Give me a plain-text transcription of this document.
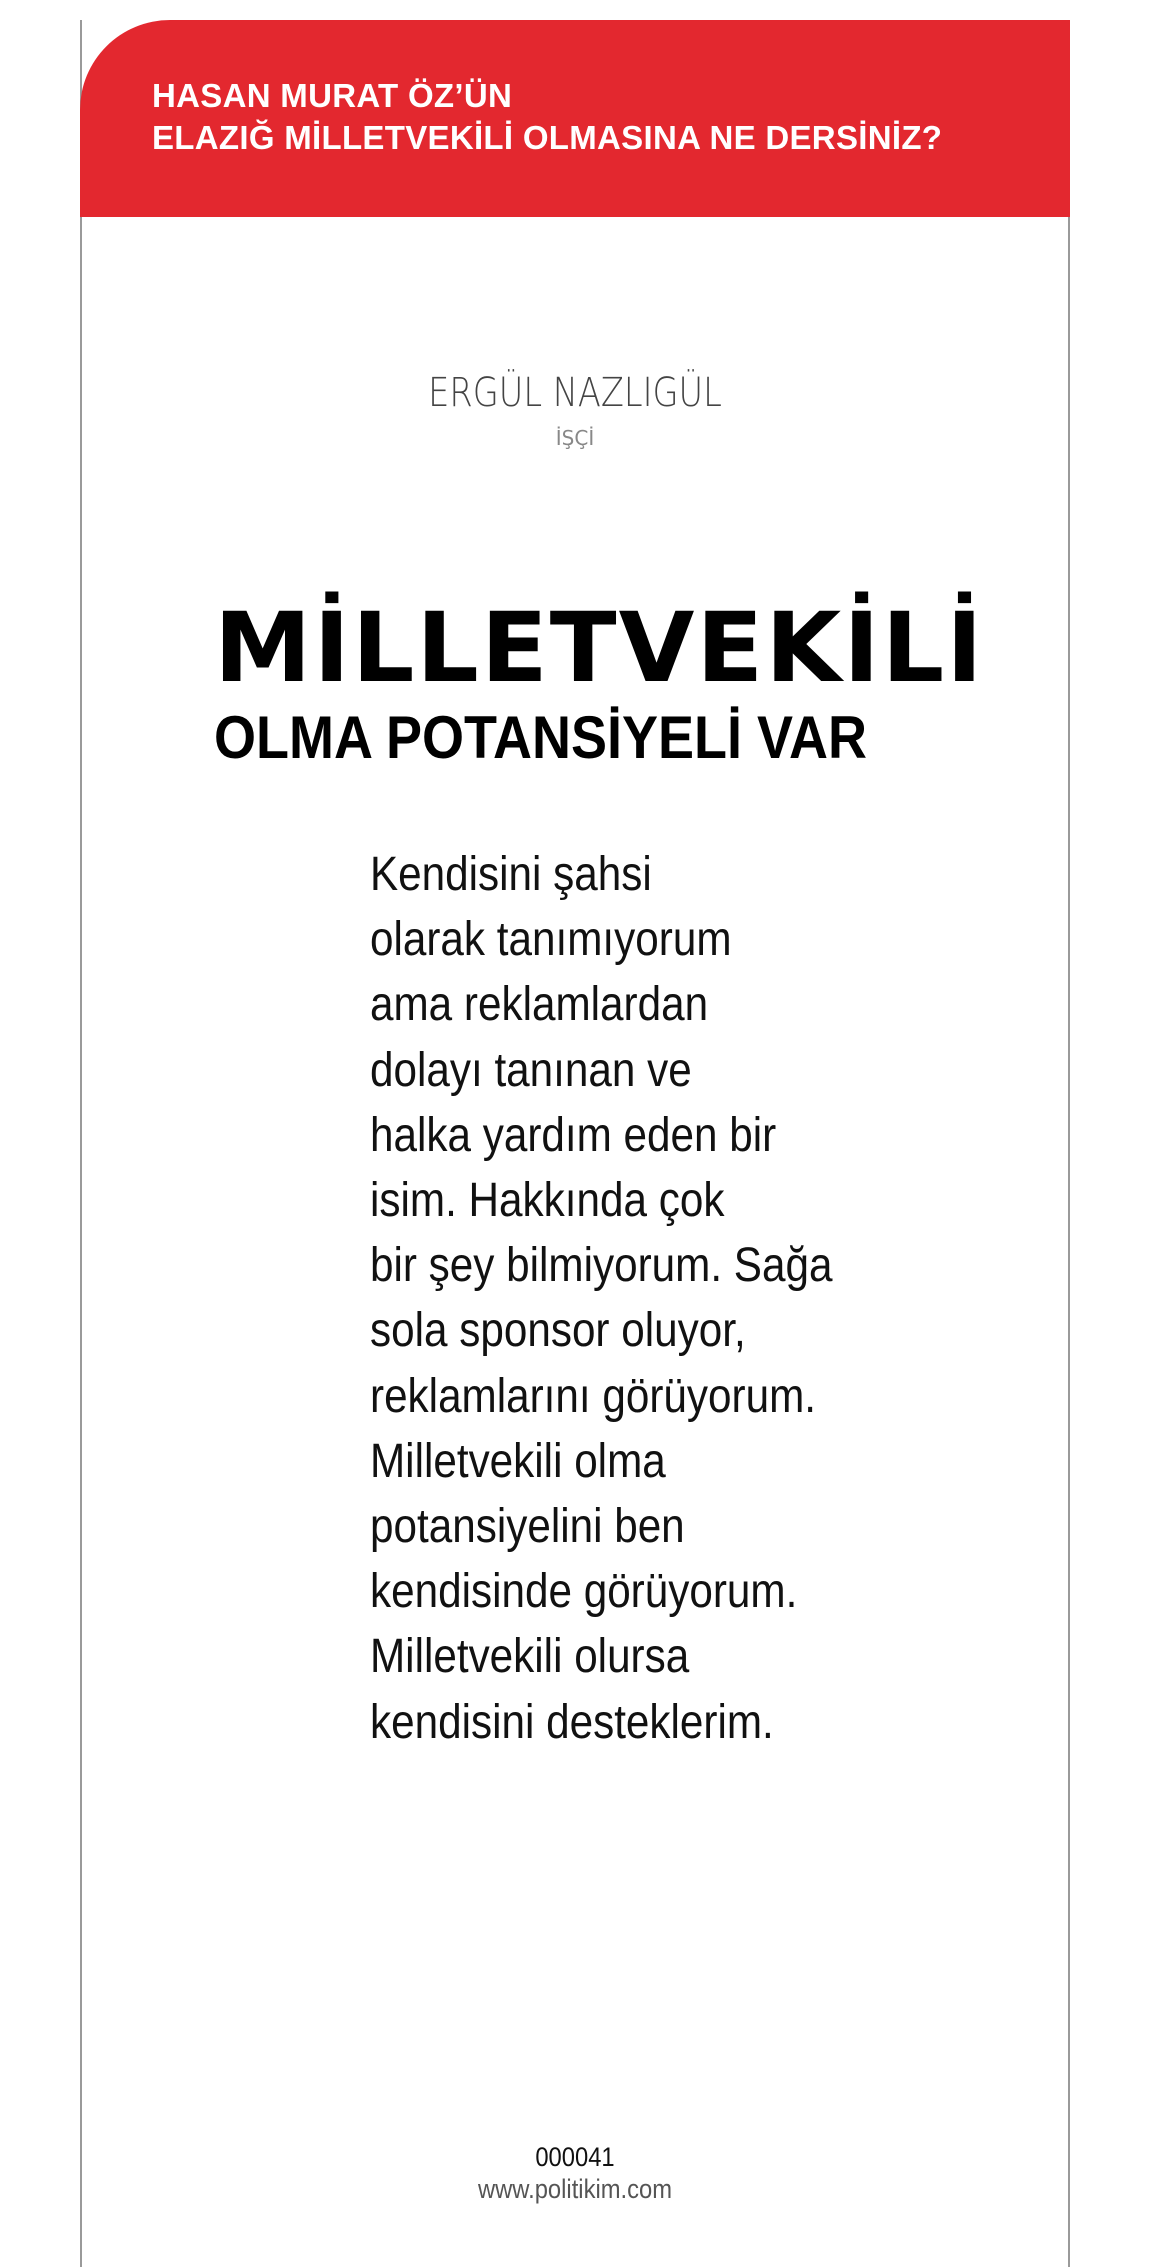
HASAN MURAT ÖZ’ÜN
ELAZIĞ MİLLETVEKİLİ OLMASINA NE DERSİNİZ?
ERGÜL NAZLIGÜL
İŞÇİ
MİLLETVEKİLİ
OLMA POTANSİYELİ VAR
Kendisini şahsi
olarak tanımıyorum
ama reklamlardan
dolayı tanınan ve
halka yardım eden bir
isim. Hakkında çok
bir şey bilmiyorum. Sağa
sola sponsor oluyor,
reklamlarını görüyorum.
Milletvekili olma
potansiyelini ben
kendisinde görüyorum.
Milletvekili olursa
kendisini desteklerim.
000041
www.politikim.com
